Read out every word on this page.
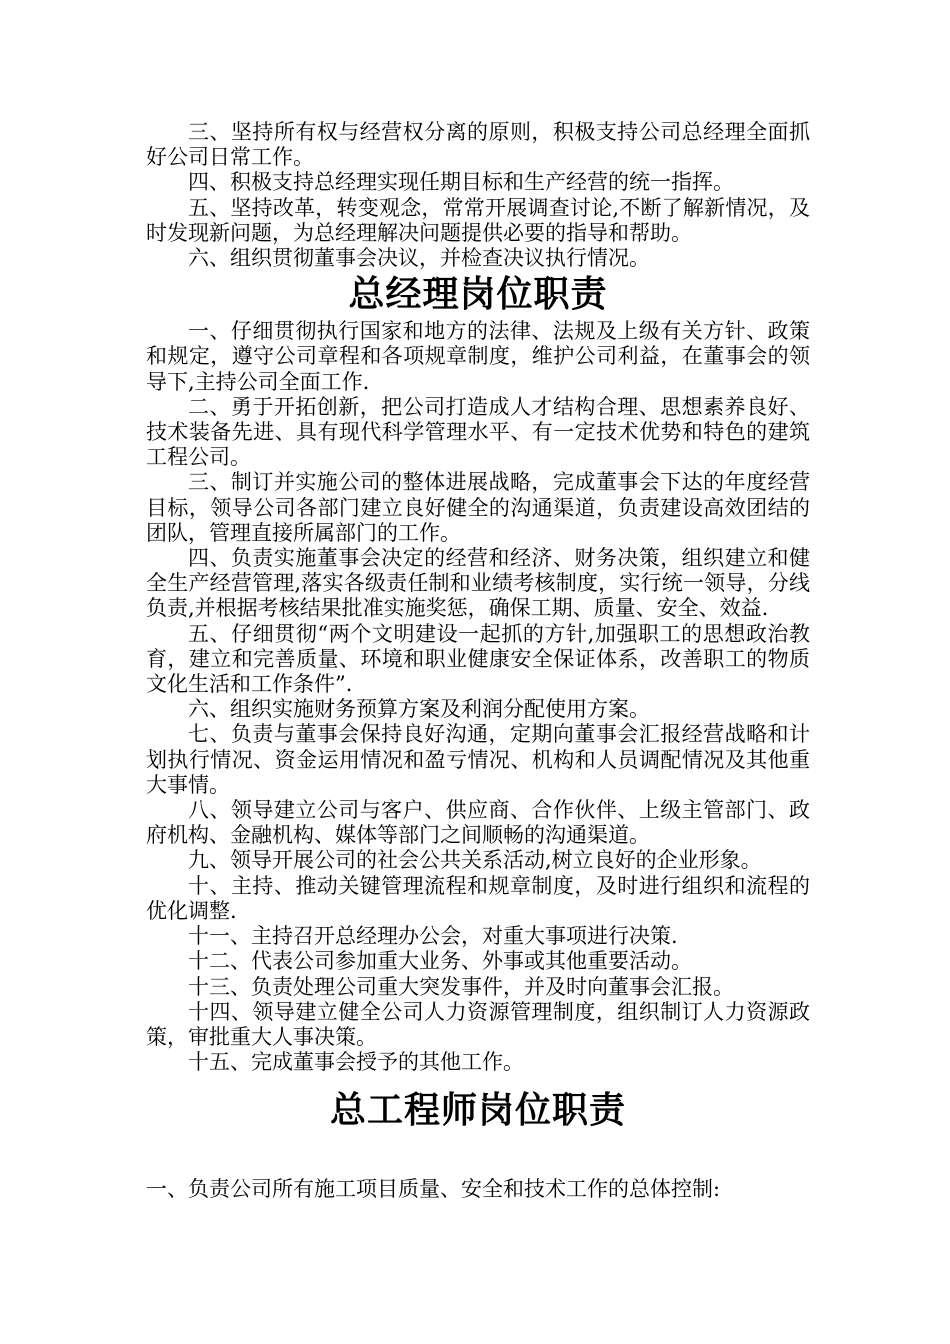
三、坚持所有权与经营权分离的原则，积极支持公司总经理全面抓好公司日常工作。

四、积极支持总经理实现任期目标和生产经营的统一指挥。

五、坚持改革，转变观念，常常开展调查讨论,不断了解新情况，及时发现新问题，为总经理解决问题提供必要的指导和帮助。

六、组织贯彻董事会决议，并检查决议执行情况。

总经理岗位职责

一、仔细贯彻执行国家和地方的法律、法规及上级有关方针、政策和规定，遵守公司章程和各项规章制度，维护公司利益，在董事会的领导下,主持公司全面工作.

二、勇于开拓创新，把公司打造成人才结构合理、思想素养良好、技术装备先进、具有现代科学管理水平、有一定技术优势和特色的建筑工程公司。

三、制订并实施公司的整体进展战略，完成董事会下达的年度经营目标，领导公司各部门建立良好健全的沟通渠道，负责建设高效团结的团队，管理直接所属部门的工作。

四、负责实施董事会决定的经营和经济、财务决策，组织建立和健全生产经营管理,落实各级责任制和业绩考核制度，实行统一领导，分线负责,并根据考核结果批准实施奖惩，确保工期、质量、安全、效益.

五、仔细贯彻“两个文明建设一起抓的方针,加强职工的思想政治教育，建立和完善质量、环境和职业健康安全保证体系，改善职工的物质文化生活和工作条件”.

六、组织实施财务预算方案及利润分配使用方案。

七、负责与董事会保持良好沟通，定期向董事会汇报经营战略和计划执行情况、资金运用情况和盈亏情况、机构和人员调配情况及其他重大事情。

八、领导建立公司与客户、供应商、合作伙伴、上级主管部门、政府机构、金融机构、媒体等部门之间顺畅的沟通渠道。

九、领导开展公司的社会公共关系活动,树立良好的企业形象。

十、主持、推动关键管理流程和规章制度，及时进行组织和流程的优化调整.

十一、主持召开总经理办公会，对重大事项进行决策.

十二、代表公司参加重大业务、外事或其他重要活动。

十三、负责处理公司重大突发事件，并及时向董事会汇报。

十四、领导建立健全公司人力资源管理制度，组织制订人力资源政策，审批重大人事决策。

十五、完成董事会授予的其他工作。

总工程师岗位职责

一、负责公司所有施工项目质量、安全和技术工作的总体控制:
